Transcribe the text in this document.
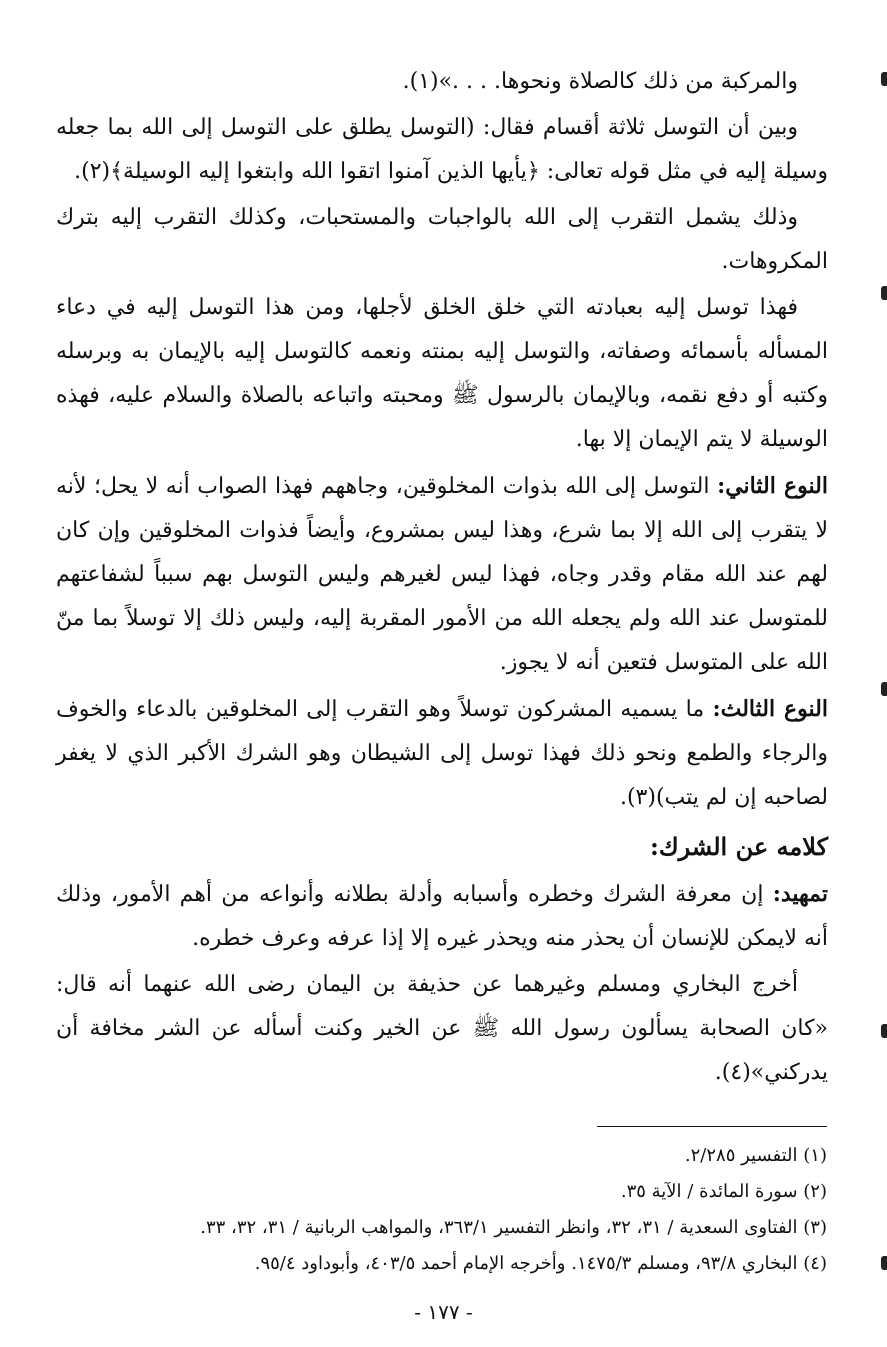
والمركبة من ذلك كالصلاة ونحوها. . . .»(١).

وبين أن التوسل ثلاثة أقسام فقال: (التوسل يطلق على التوسل إلى الله بما جعله وسيلة إليه في مثل قوله تعالى: ﴿يأيها الذين آمنوا اتقوا الله وابتغوا إليه الوسيلة﴾(٢).

وذلك يشمل التقرب إلى الله بالواجبات والمستحبات، وكذلك التقرب إليه بترك المكروهات.

فهذا توسل إليه بعبادته التي خلق الخلق لأجلها، ومن هذا التوسل إليه في دعاء المسأله بأسمائه وصفاته، والتوسل إليه بمنته ونعمه كالتوسل إليه بالإيمان به وبرسله وكتبه أو دفع نقمه، وبالإيمان بالرسول ﷺ ومحبته واتباعه بالصلاة والسلام عليه، فهذه الوسيلة لا يتم الإيمان إلا بها.

النوع الثاني: التوسل إلى الله بذوات المخلوقين، وجاههم فهذا الصواب أنه لا يحل؛ لأنه لا يتقرب إلى الله إلا بما شرع، وهذا ليس بمشروع، وأيضاً فذوات المخلوقين وإن كان لهم عند الله مقام وقدر وجاه، فهذا ليس لغيرهم وليس التوسل بهم سبباً لشفاعتهم للمتوسل عند الله ولم يجعله الله من الأمور المقربة إليه، وليس ذلك إلا توسلاً بما منّ الله على المتوسل فتعين أنه لا يجوز.

النوع الثالث: ما يسميه المشركون توسلاً وهو التقرب إلى المخلوقين بالدعاء والخوف والرجاء والطمع ونحو ذلك فهذا توسل إلى الشيطان وهو الشرك الأكبر الذي لا يغفر لصاحبه إن لم يتب)(٣).

كلامه عن الشرك:

تمهيد: إن معرفة الشرك وخطره وأسبابه وأدلة بطلانه وأنواعه من أهم الأمور، وذلك أنه لايمكن للإنسان أن يحذر منه ويحذر غيره إلا إذا عرفه وعرف خطره.

أخرج البخاري ومسلم وغيرهما عن حذيفة بن اليمان رضى الله عنهما أنه قال: «كان الصحابة يسألون رسول الله ﷺ عن الخير وكنت أسأله عن الشر مخافة أن يدركني»(٤).

(١) التفسير ٢/٢٨٥.
(٢) سورة المائدة / الآية ٣٥.
(٣) الفتاوى السعدية / ٣١، ٣٢، وانظر التفسير ٣٦٣/١، والمواهب الربانية / ٣١، ٣٢، ٣٣.
(٤) البخاري ٩٣/٨، ومسلم ١٤٧٥/٣. وأخرجه الإمام أحمد ٤٠٣/٥، وأبوداود ٩٥/٤.
- ١٧٧ -
